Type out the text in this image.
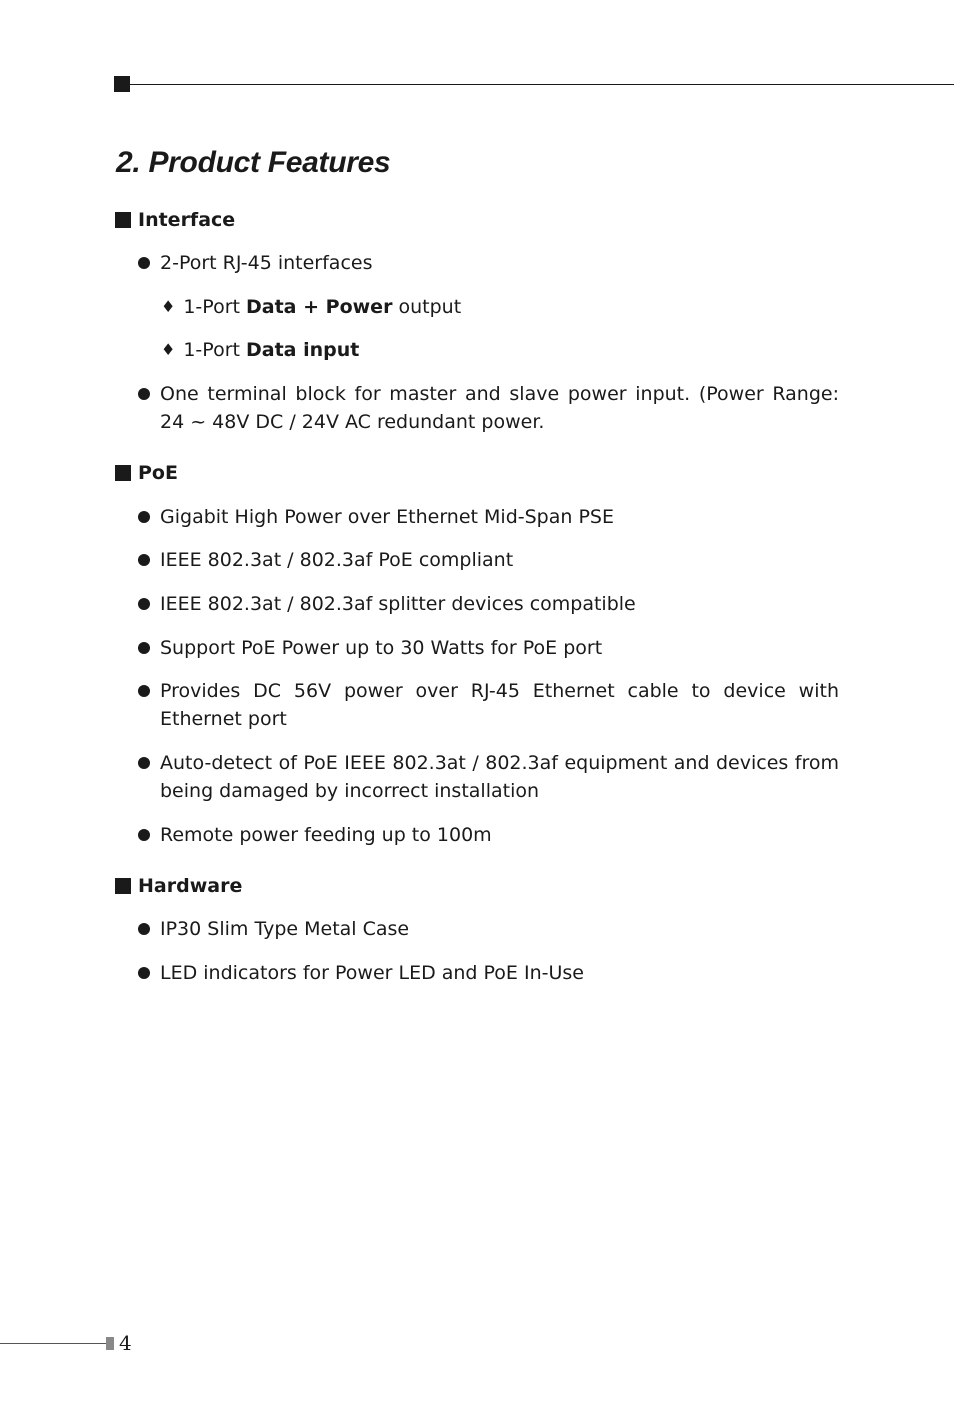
2. Product Features
Interface
2-Port RJ-45 interfaces
♦ 1-Port Data + Power output
♦ 1-Port Data input
One terminal block for master and slave power input. (Power Range: 24 ~ 48V DC / 24V AC redundant power.
PoE
Gigabit High Power over Ethernet Mid-Span PSE
IEEE 802.3at / 802.3af PoE compliant
IEEE 802.3at / 802.3af splitter devices compatible
Support PoE Power up to 30 Watts for PoE port
Provides DC 56V power over RJ-45 Ethernet cable to device with Ethernet port
Auto-detect of PoE IEEE 802.3at / 802.3af equipment and devices from being damaged by incorrect installation
Remote power feeding up to 100m
Hardware
IP30 Slim Type Metal Case
LED indicators for Power LED and PoE In-Use
4
